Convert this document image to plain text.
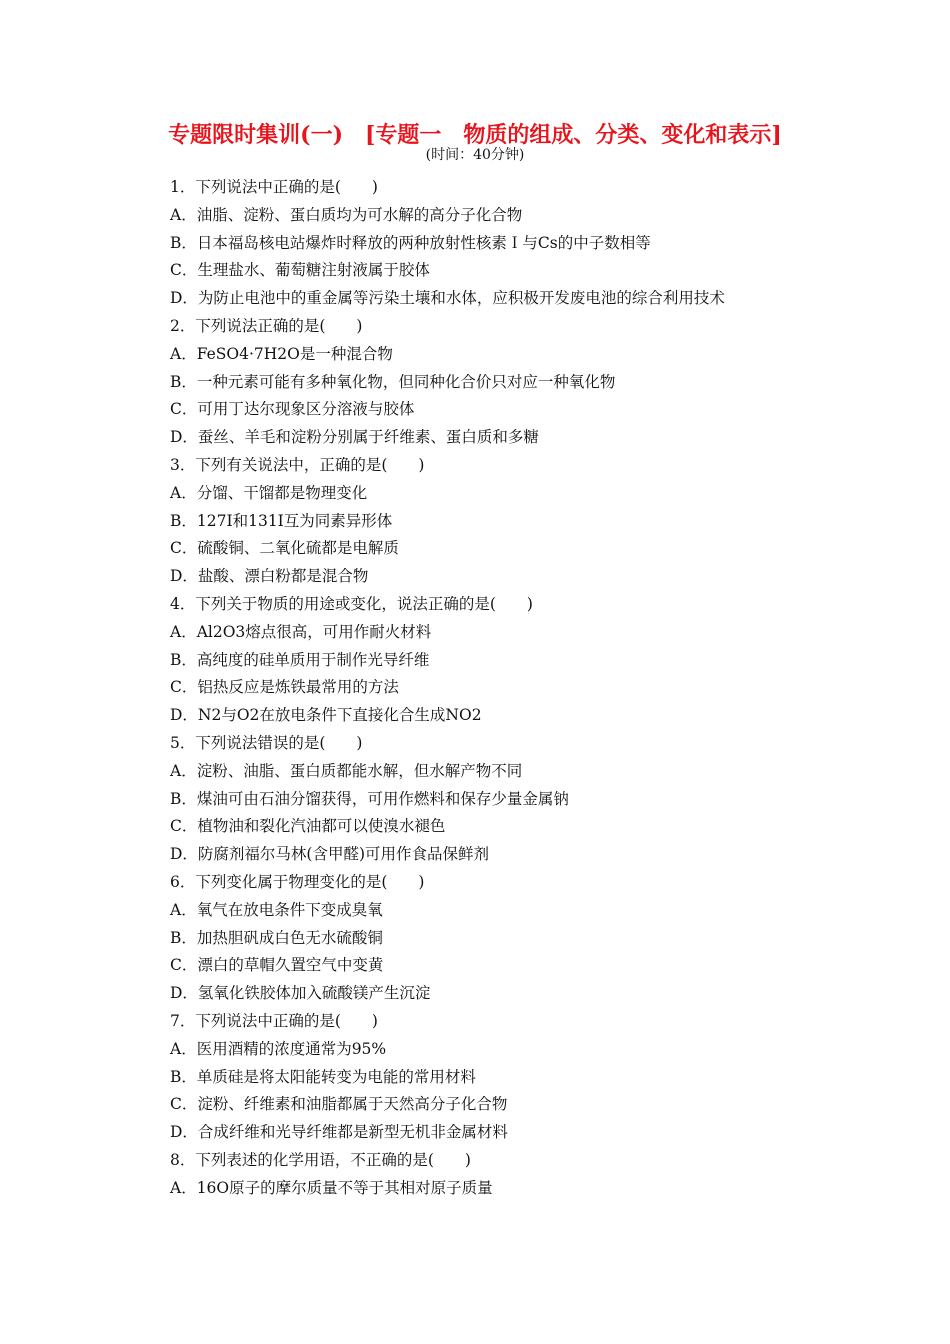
专题限时集训(一)　[专题一　物质的组成、分类、变化和表示]
(时间：40分钟)
1．下列说法中正确的是(　　)
A．油脂、淀粉、蛋白质均为可水解的高分子化合物
B．日本福岛核电站爆炸时释放的两种放射性核素Ｉ与Cs的中子数相等
C．生理盐水、葡萄糖注射液属于胶体
D．为防止电池中的重金属等污染土壤和水体，应积极开发废电池的综合利用技术
2．下列说法正确的是(　　)
A．FeSO4·7H2O是一种混合物
B．一种元素可能有多种氧化物，但同种化合价只对应一种氧化物
C．可用丁达尔现象区分溶液与胶体
D．蚕丝、羊毛和淀粉分别属于纤维素、蛋白质和多糖
3．下列有关说法中，正确的是(　　)
A．分馏、干馏都是物理变化
B．127I和131I互为同素异形体
C．硫酸铜、二氧化硫都是电解质
D．盐酸、漂白粉都是混合物
4．下列关于物质的用途或变化，说法正确的是(　　)
A．Al2O3熔点很高，可用作耐火材料
B．高纯度的硅单质用于制作光导纤维
C．铝热反应是炼铁最常用的方法
D．N2与O2在放电条件下直接化合生成NO2
5．下列说法错误的是(　　)
A．淀粉、油脂、蛋白质都能水解，但水解产物不同
B．煤油可由石油分馏获得，可用作燃料和保存少量金属钠
C．植物油和裂化汽油都可以使溴水褪色
D．防腐剂福尔马林(含甲醛)可用作食品保鲜剂
6．下列变化属于物理变化的是(　　)
A．氧气在放电条件下变成臭氧
B．加热胆矾成白色无水硫酸铜
C．漂白的草帽久置空气中变黄
D．氢氧化铁胶体加入硫酸镁产生沉淀
7．下列说法中正确的是(　　)
A．医用酒精的浓度通常为95%
B．单质硅是将太阳能转变为电能的常用材料
C．淀粉、纤维素和油脂都属于天然高分子化合物
D．合成纤维和光导纤维都是新型无机非金属材料
8．下列表述的化学用语，不正确的是(　　)
A．16O原子的摩尔质量不等于其相对原子质量
